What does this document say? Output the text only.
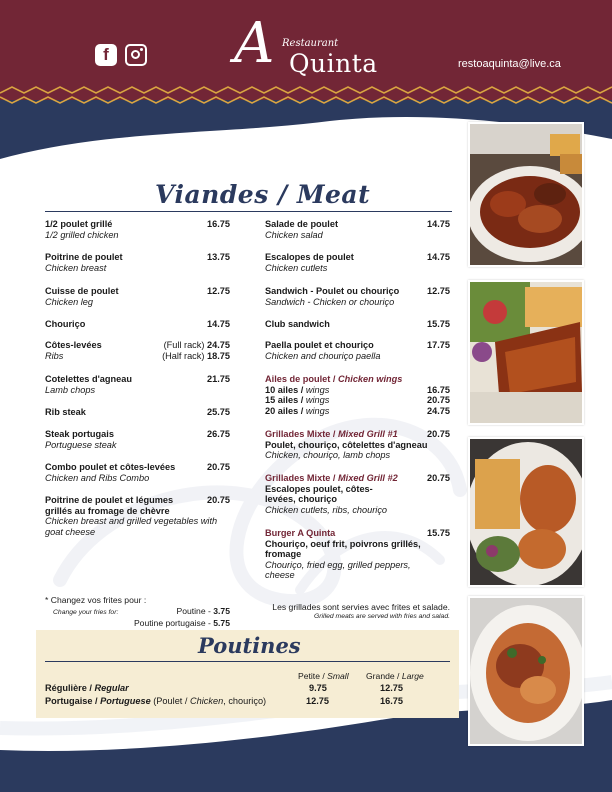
f A Restaurant
Quinta	restoaquinta@live.ca
Viandes / Meat
1/2 poulet grillé	16.75
1/2 grilled chicken
Poitrine de poulet	13.75
Chicken breast
Cuisse de poulet	12.75
Chicken leg
Chouriço	14.75
Côtes-levées	(Full rack) 24.75
Ribs	(Half rack) 18.75
Cotelettes d'agneau	21.75
Lamb chops
Rib steak	25.75
Steak portugais	26.75
Portuguese steak
Combo poulet et côtes-levées	20.75
Chicken and Ribs Combo
Poitrine de poulet et légumes grillés au fromage de chèvre
20.75
Chicken breast and grilled vegetables with goat cheese
Salade de poulet	14.75
Chicken salad
Escalopes de poulet	14.75
Chicken cutlets
Sandwich - Poulet ou chouriço	12.75
Sandwich - Chicken or chouriço
Club sandwich	15.75
Paella poulet et chouriço	17.75
Chicken and chouriço paella
Ailes de poulet / Chicken wings
10 ailes / wings	16.75
15 ailes / wings	20.75
20 ailes / wings	24.75
Grillades Mixte / Mixed Grill #1	20.75
Poulet, chouriço, côtelettes d'agneau
Chicken, chouriço, lamb chops
Grillades Mixte / Mixed Grill #2	20.75
Escalopes poulet, côtes-levées, chouriço
Chicken cutlets, ribs, chouriço
Burger A Quinta	15.75
Chouriço, oeuf frit, poivrons grillés, fromage
Chouriço, fried egg, grilled peppers, cheese
* Changez vos frites pour :
Change your fries for:	Poutine - 3.75
Poutine portugaise - 5.75
Les grillades sont servies avec frites et salade.
Grilled meats are served with fries and salad.
Poutines
Petite / Small Grande / Large
Régulière / Regular	9.75	12.75
Portugaise / Portuguese (Poulet / Chicken, chouriço)	12.75	16.75
